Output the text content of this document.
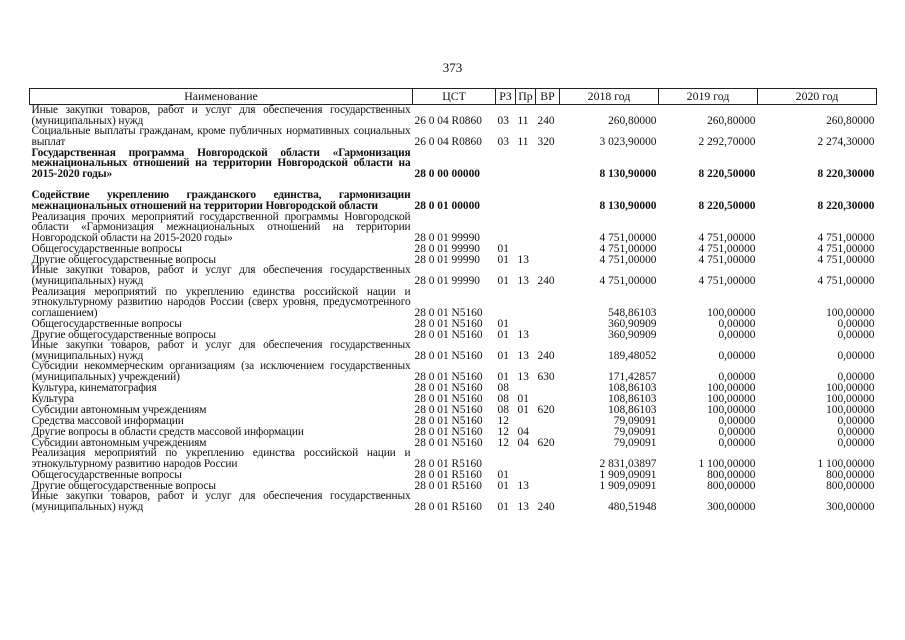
373
Наименование	ЦСТ	РЗ	Пр	ВР	2018 год	2019 год	2020 год
Иные закупки товаров, работ и услуг для обеспечения государственных (муниципальных) нужд	26 0 04 R0860	03	11	240	260,80000	260,80000	260,80000
Социальные выплаты гражданам, кроме публичных нормативных социальных выплат	26 0 04 R0860	03	11	320	3 023,90000	2 292,70000	2 274,30000
Государственная программа Новгородской области «Гармонизация межнациональных отношений на территории Новгородской области на 2015-2020 годы»	28 0 00 00000				8 130,90000	8 220,50000	8 220,30000
Содействие укреплению гражданского единства, гармонизации межнациональных отношений на территории Новгородской области	28 0 01 00000				8 130,90000	8 220,50000	8 220,30000
Реализация прочих мероприятий государственной программы Новгородской области «Гармонизация межнациональных отношений на территории Новгородской области на 2015-2020 годы»	28 0 01 99990				4 751,00000	4 751,00000	4 751,00000
Общегосударственные вопросы	28 0 01 99990	01			4 751,00000	4 751,00000	4 751,00000
Другие общегосударственные вопросы	28 0 01 99990	01	13		4 751,00000	4 751,00000	4 751,00000
Иные закупки товаров, работ и услуг для обеспечения государственных (муниципальных) нужд	28 0 01 99990	01	13	240	4 751,00000	4 751,00000	4 751,00000
Реализация мероприятий по укреплению единства российской нации и этнокультурному развитию народов России (сверх уровня, предусмотренного соглашением)	28 0 01 N5160				548,86103	100,00000	100,00000
Общегосударственные вопросы	28 0 01 N5160	01			360,90909	0,00000	0,00000
Другие общегосударственные вопросы	28 0 01 N5160	01	13		360,90909	0,00000	0,00000
Иные закупки товаров, работ и услуг для обеспечения государственных (муниципальных) нужд	28 0 01 N5160	01	13	240	189,48052	0,00000	0,00000
Субсидии некоммерческим организациям (за исключением государственных (муниципальных) учреждений)	28 0 01 N5160	01	13	630	171,42857	0,00000	0,00000
Культура, кинематография	28 0 01 N5160	08			108,86103	100,00000	100,00000
Культура	28 0 01 N5160	08	01		108,86103	100,00000	100,00000
Субсидии автономным учреждениям	28 0 01 N5160	08	01	620	108,86103	100,00000	100,00000
Средства массовой информации	28 0 01 N5160	12			79,09091	0,00000	0,00000
Другие вопросы в области средств массовой информации	28 0 01 N5160	12	04		79,09091	0,00000	0,00000
Субсидии автономным учреждениям	28 0 01 N5160	12	04	620	79,09091	0,00000	0,00000
Реализация мероприятий по укреплению единства российской нации и этнокультурному развитию народов России	28 0 01 R5160				2 831,03897	1 100,00000	1 100,00000
Общегосударственные вопросы	28 0 01 R5160	01			1 909,09091	800,00000	800,00000
Другие общегосударственные вопросы	28 0 01 R5160	01	13		1 909,09091	800,00000	800,00000
Иные закупки товаров, работ и услуг для обеспечения государственных (муниципальных) нужд	28 0 01 R5160	01	13	240	480,51948	300,00000	300,00000
